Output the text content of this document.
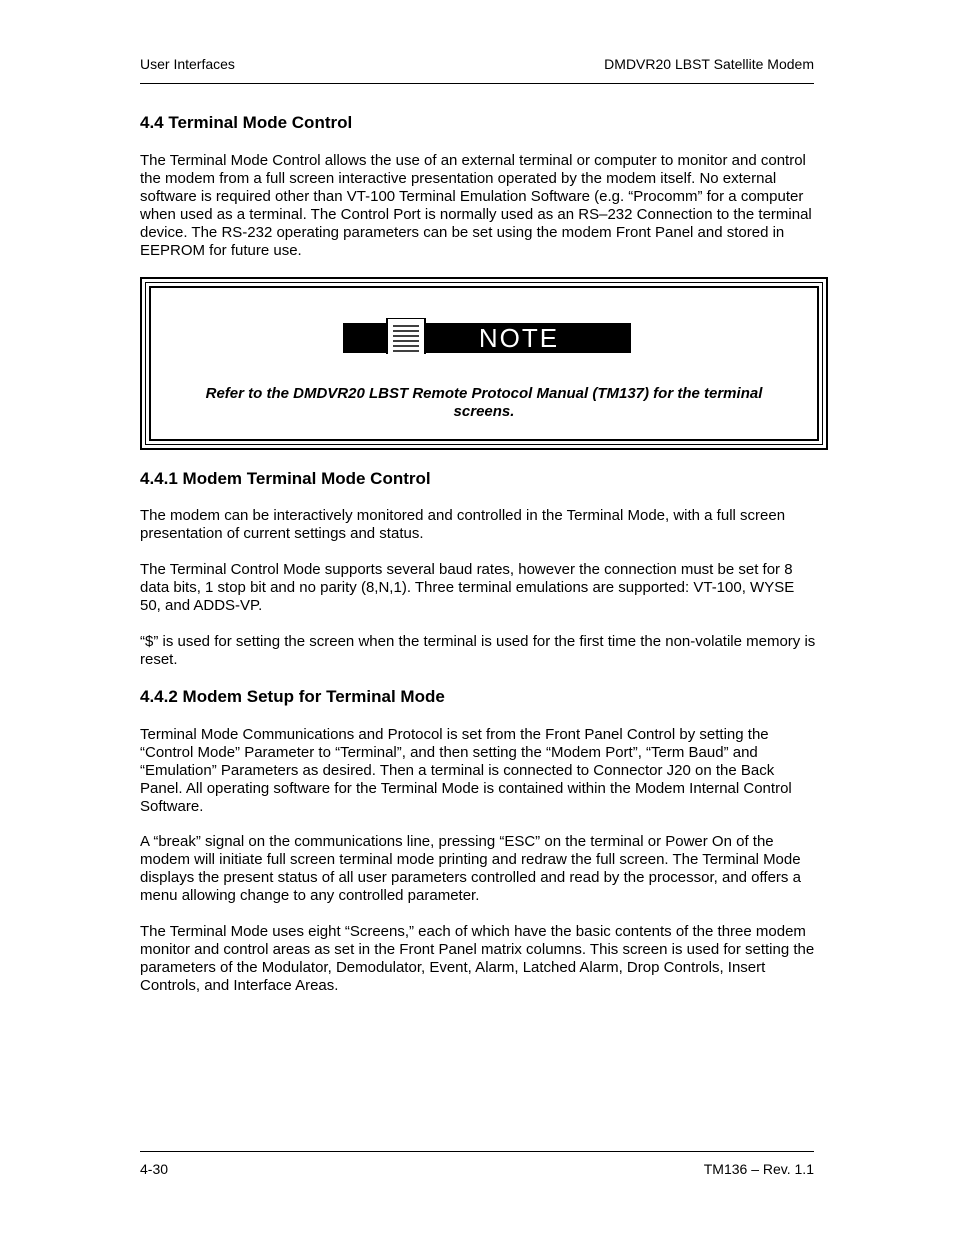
User Interfaces	DMDVR20 LBST Satellite Modem
4.4 Terminal Mode Control

The Terminal Mode Control allows the use of an external terminal or computer to monitor and control the modem from a full screen interactive presentation operated by the modem itself. No external software is required other than VT-100 Terminal Emulation Software (e.g. “Procomm” for a computer when used as a terminal. The Control Port is normally used as an RS–232 Connection to the terminal device. The RS-232 operating parameters can be set using the modem Front Panel and stored in EEPROM for future use.

NOTE

Refer to the DMDVR20 LBST Remote Protocol Manual (TM137) for the terminal screens.

4.4.1 Modem Terminal Mode Control

The modem can be interactively monitored and controlled in the Terminal Mode, with a full screen presentation of current settings and status.

The Terminal Control Mode supports several baud rates, however the connection must be set for 8 data bits, 1 stop bit and no parity (8,N,1). Three terminal emulations are supported: VT-100, WYSE 50, and ADDS-VP.

“$” is used for setting the screen when the terminal is used for the first time the non-volatile memory is reset.

4.4.2 Modem Setup for Terminal Mode

Terminal Mode Communications and Protocol is set from the Front Panel Control by setting the “Control Mode” Parameter to “Terminal”, and then setting the “Modem Port”, “Term Baud” and “Emulation” Parameters as desired. Then a terminal is connected to Connector J20 on the Back Panel. All operating software for the Terminal Mode is contained within the Modem Internal Control Software.

A “break” signal on the communications line, pressing “ESC” on the terminal or Power On of the modem will initiate full screen terminal mode printing and redraw the full screen. The Terminal Mode displays the present status of all user parameters controlled and read by the processor, and offers a menu allowing change to any controlled parameter.

The Terminal Mode uses eight “Screens,” each of which have the basic contents of the three modem monitor and control areas as set in the Front Panel matrix columns. This screen is used for setting the parameters of the Modulator, Demodulator, Event, Alarm, Latched Alarm, Drop Controls, Insert Controls, and Interface Areas.

4-30	TM136 – Rev. 1.1
